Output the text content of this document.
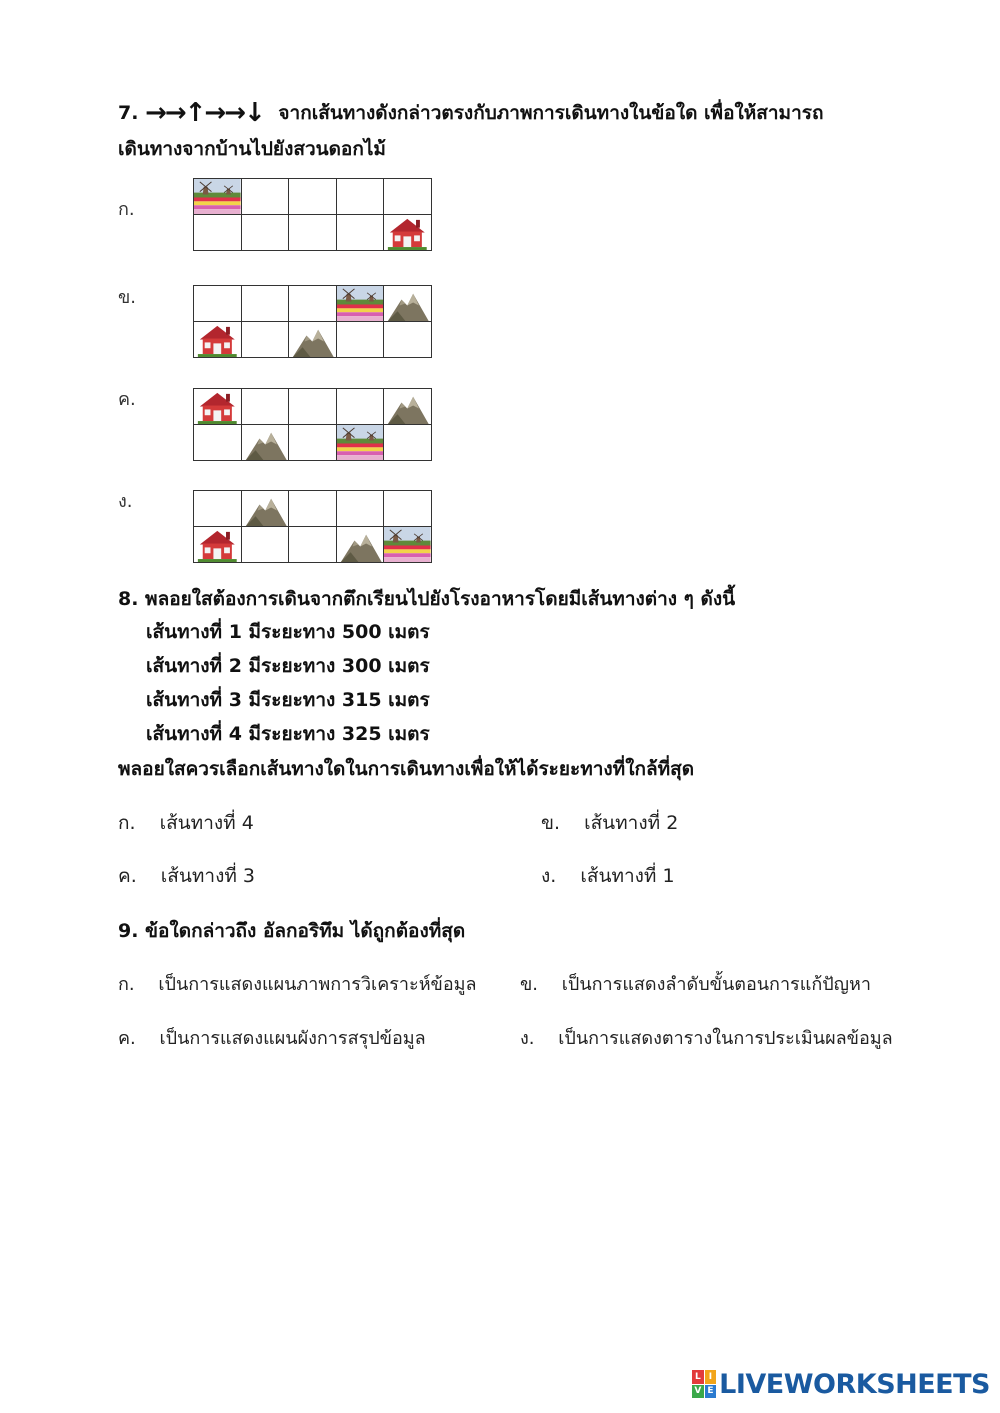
7. →→↑→→↓ จากเส้นทางดังกล่าวตรงกับภาพการเดินทางในข้อใด เพื่อให้สามารถ
เดินทางจากบ้านไปยังสวนดอกไม้
ก.
ข.
ค.
ง.
8. พลอยใสต้องการเดินจากตึกเรียนไปยังโรงอาหารโดยมีเส้นทางต่าง ๆ ดังนี้
เส้นทางที่ 1 มีระยะทาง 500 เมตร
เส้นทางที่ 2 มีระยะทาง 300 เมตร
เส้นทางที่ 3 มีระยะทาง 315 เมตร
เส้นทางที่ 4 มีระยะทาง 325 เมตร
พลอยใสควรเลือกเส้นทางใดในการเดินทางเพื่อให้ได้ระยะทางที่ใกล้ที่สุด
ก. เส้นทางที่ 4	ข. เส้นทางที่ 2
ค. เส้นทางที่ 3	ง. เส้นทางที่ 1
9. ข้อใดกล่าวถึง อัลกอริทึม ได้ถูกต้องที่สุด
ก. เป็นการแสดงแผนภาพการวิเคราะห์ข้อมูล ข. เป็นการแสดงลำดับขั้นตอนการแก้ปัญหา
ค. เป็นการแสดงแผนผังการสรุปข้อมูล	ง. เป็นการแสดงตารางในการประเมินผลข้อมูล
L I
V E LIVEWORKSHEETS
